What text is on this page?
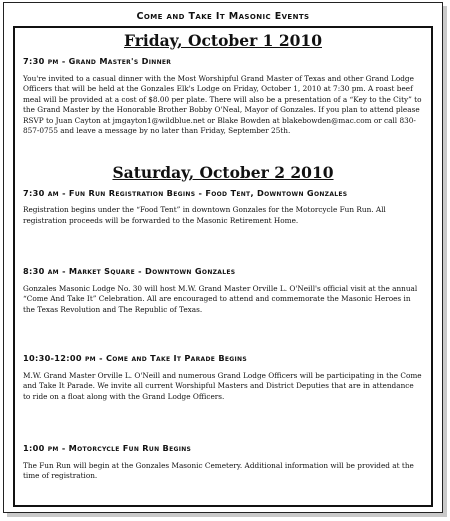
Come and Take It Masonic Events
Friday, October 1 2010

7:30 pm - Grand Master's Dinner

You're invited to a casual dinner with the Most Worshipful Grand Master of Texas and other Grand Lodge Officers that will be held at the Gonzales Elk's Lodge on Friday, October 1, 2010 at 7:30 pm. A roast beef meal will be provided at a cost of $8.00 per plate. There will also be a presentation of a “Key to the City” to the Grand Master by the Honorable Brother Bobby O'Neal, Mayor of Gonzales. If you plan to attend please RSVP to Juan Cayton at jmgayton1@wildblue.net or Blake Bowden at blakebowden@mac.com or call 830-857-0755 and leave a message by no later than Friday, September 25th.

Saturday, October 2 2010

7:30 am - Fun Run Registration Begins - Food Tent, Downtown Gonzales

Registration begins under the “Food Tent” in downtown Gonzales for the Motorcycle Fun Run. All registration proceeds will be forwarded to the Masonic Retirement Home.

8:30 am - Market Square - Downtown Gonzales

Gonzales Masonic Lodge No. 30 will host M.W. Grand Master Orville L. O'Neill's official visit at the annual “Come And Take It” Celebration. All are encouraged to attend and commemorate the Masonic Heroes in the Texas Revolution and The Republic of Texas.

10:30-12:00 pm - Come and Take It Parade Begins

M.W. Grand Master Orville L. O'Neill and numerous Grand Lodge Officers will be participating in the Come and Take It Parade. We invite all current Worshipful Masters and District Deputies that are in attendance to ride on a float along with the Grand Lodge Officers.

1:00 pm - Motorcycle Fun Run Begins

The Fun Run will begin at the Gonzales Masonic Cemetery. Additional information will be provided at the time of registration.
